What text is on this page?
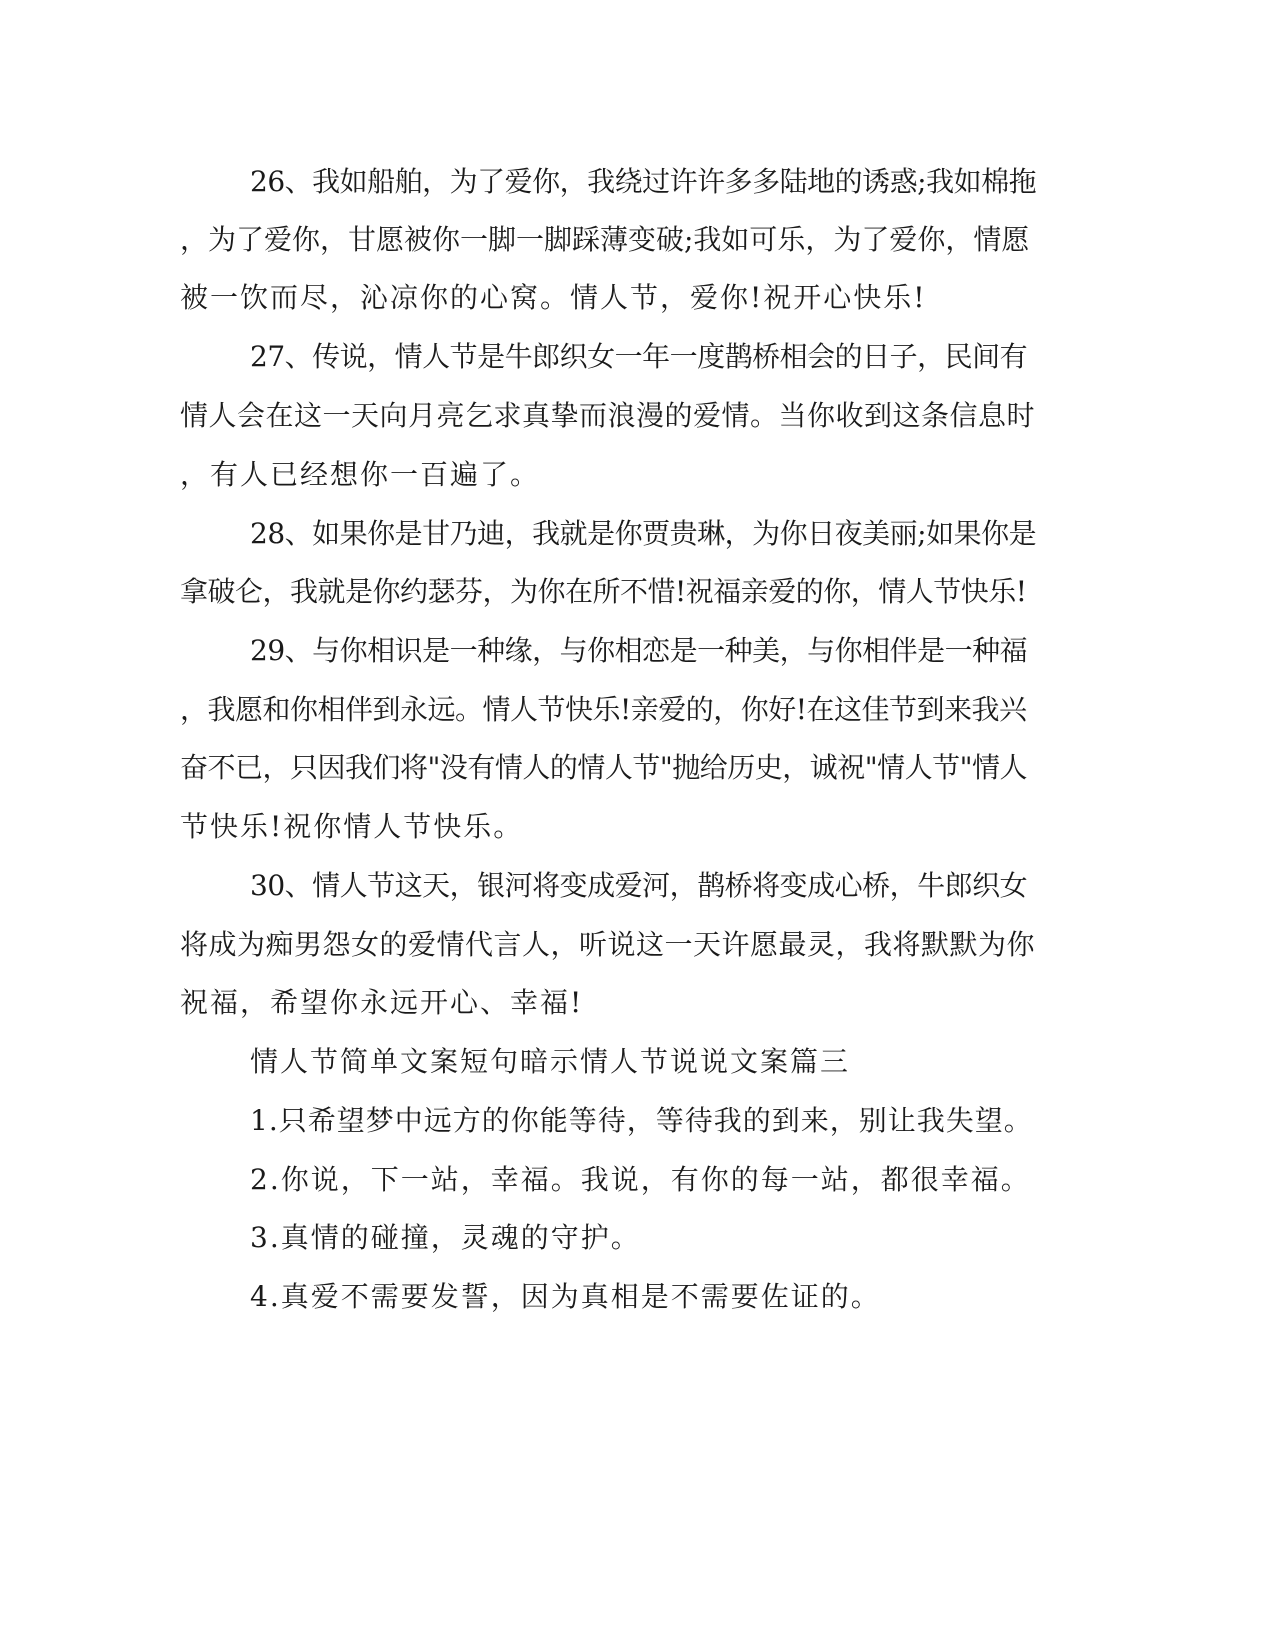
26、我如船舶，为了爱你，我绕过许许多多陆地的诱惑;我如棉拖
，为了爱你，甘愿被你一脚一脚踩薄变破;我如可乐，为了爱你，情愿
被一饮而尽，沁凉你的心窝。情人节，爱你!祝开心快乐!
27、传说，情人节是牛郎织女一年一度鹊桥相会的日子，民间有
情人会在这一天向月亮乞求真挚而浪漫的爱情。当你收到这条信息时
，有人已经想你一百遍了。
28、如果你是甘乃迪，我就是你贾贵琳，为你日夜美丽;如果你是
拿破仑，我就是你约瑟芬，为你在所不惜!祝福亲爱的你，情人节快乐!
29、与你相识是一种缘，与你相恋是一种美，与你相伴是一种福
，我愿和你相伴到永远。情人节快乐!亲爱的，你好!在这佳节到来我兴
奋不已，只因我们将"没有情人的情人节"抛给历史，诚祝"情人节"情人
节快乐!祝你情人节快乐。
30、情人节这天，银河将变成爱河，鹊桥将变成心桥，牛郎织女
将成为痴男怨女的爱情代言人，听说这一天许愿最灵，我将默默为你
祝福，希望你永远开心、幸福!
情人节简单文案短句暗示情人节说说文案篇三
1.只希望梦中远方的你能等待，等待我的到来，别让我失望。
2.你说，下一站，幸福。我说，有你的每一站，都很幸福。
3.真情的碰撞，灵魂的守护。
4.真爱不需要发誓，因为真相是不需要佐证的。
